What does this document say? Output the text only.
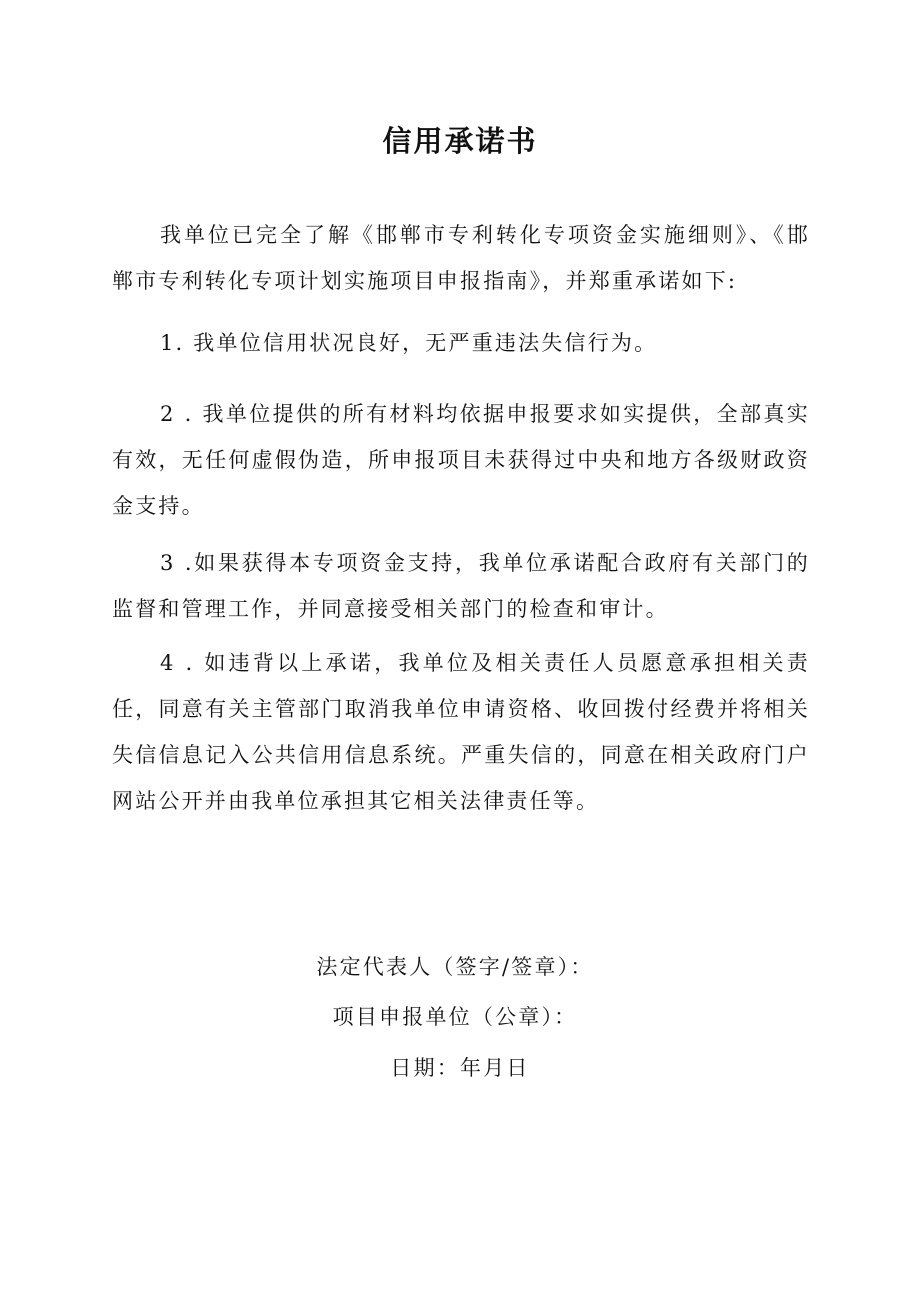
信用承诺书

我单位已完全了解《邯郸市专利转化专项资金实施细则》、《邯郸市专利转化专项计划实施项目申报指南》，并郑重承诺如下:

1. 我单位信用状况良好，无严重违法失信行为。

2 . 我单位提供的所有材料均依据申报要求如实提供，全部真实有效，无任何虚假伪造，所申报项目未获得过中央和地方各级财政资金支持。

3 .如果获得本专项资金支持，我单位承诺配合政府有关部门的监督和管理工作，并同意接受相关部门的检查和审计。

4 . 如违背以上承诺，我单位及相关责任人员愿意承担相关责任，同意有关主管部门取消我单位申请资格、收回拨付经费并将相关失信信息记入公共信用信息系统。严重失信的，同意在相关政府门户网站公开并由我单位承担其它相关法律责任等。

法定代表人（签字/签章）：

项目申报单位（公章）：

日期：年月日
